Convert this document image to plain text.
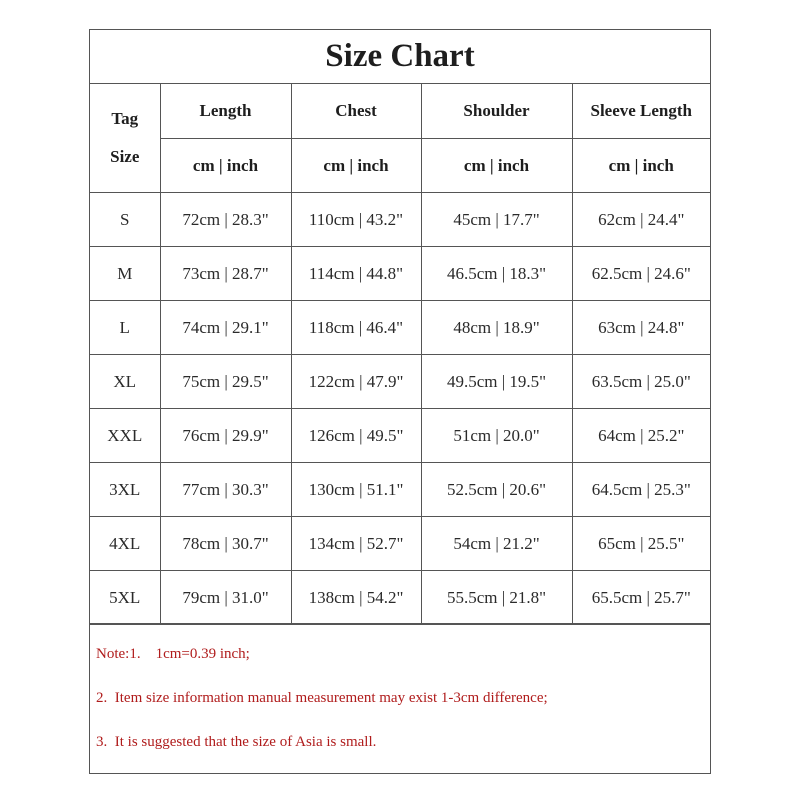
Size Chart
Tag
Size	Length	Chest	Shoulder	Sleeve Length
	cm | inch	cm | inch	cm | inch	cm | inch
S	72cm | 28.3"	110cm | 43.2"	45cm | 17.7"	62cm | 24.4"
M	73cm | 28.7"	114cm | 44.8"	46.5cm | 18.3"	62.5cm | 24.6"
L	74cm | 29.1"	118cm | 46.4"	48cm | 18.9"	63cm | 24.8"
XL	75cm | 29.5"	122cm | 47.9"	49.5cm | 19.5"	63.5cm | 25.0"
XXL	76cm | 29.9"	126cm | 49.5"	51cm | 20.0"	64cm | 25.2"
3XL	77cm | 30.3"	130cm | 51.1"	52.5cm | 20.6"	64.5cm | 25.3"
4XL	78cm | 30.7"	134cm | 52.7"	54cm | 21.2"	65cm | 25.5"
5XL	79cm | 31.0"	138cm | 54.2"	55.5cm | 21.8"	65.5cm | 25.7"
Note:1.    1cm=0.39 inch;
2.  Item size information manual measurement may exist 1-3cm difference;
3.  It is suggested that the size of Asia is small.
